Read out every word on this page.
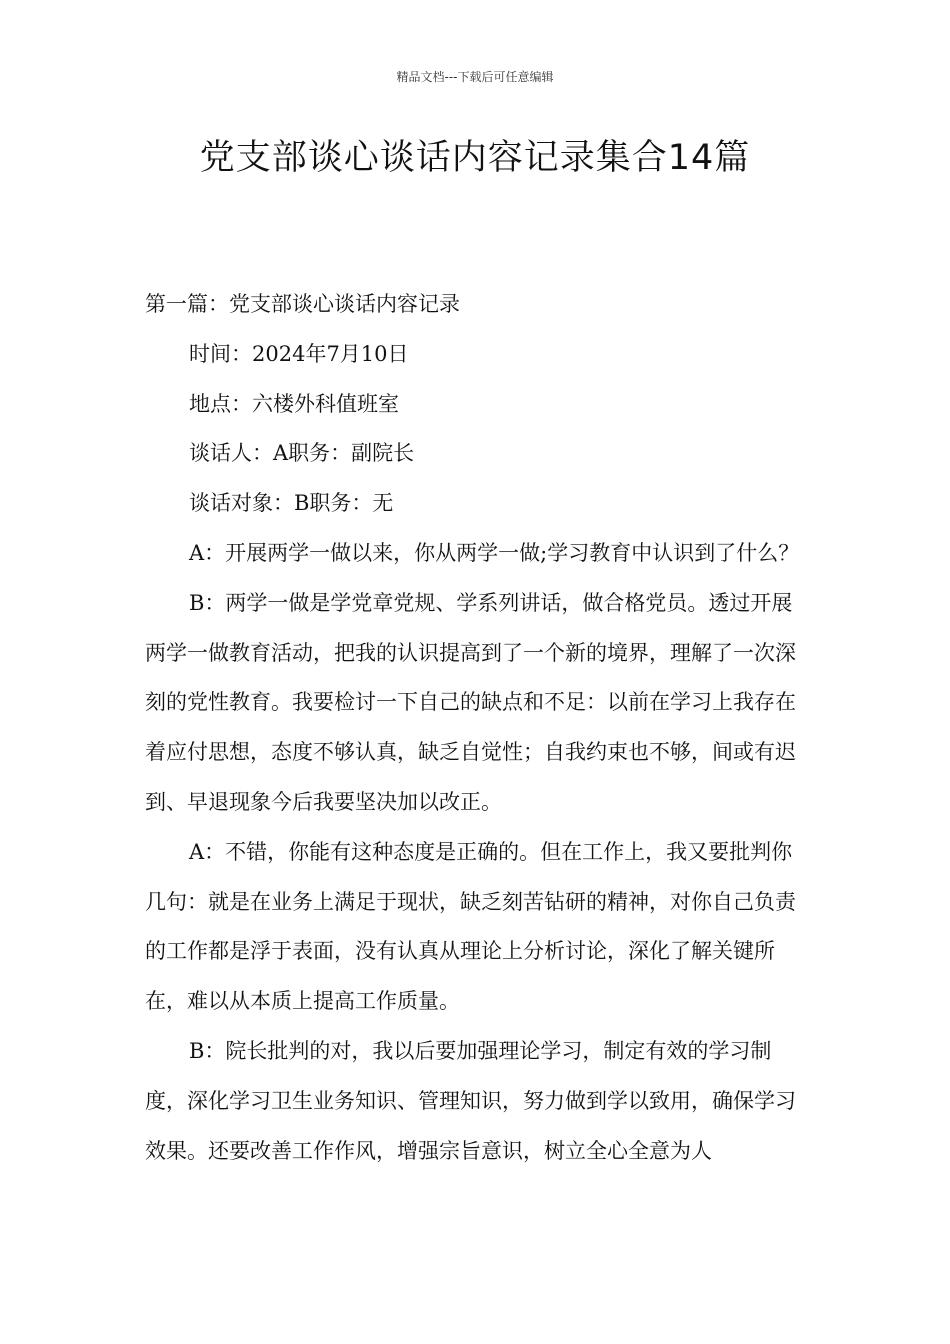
精品文档---下载后可任意编辑
党支部谈心谈话内容记录集合14篇

第一篇：党支部谈心谈话内容记录

时间：2024年7月10日

地点：六楼外科值班室

谈话人：A职务：副院长

谈话对象：B职务：无

A：开展两学一做以来，你从两学一做;学习教育中认识到了什么？

B：两学一做是学党章党规、学系列讲话，做合格党员。透过开展两学一做教育活动，把我的认识提高到了一个新的境界，理解了一次深刻的党性教育。我要检讨一下自己的缺点和不足：以前在学习上我存在着应付思想，态度不够认真，缺乏自觉性；自我约束也不够，间或有迟到、早退现象今后我要坚决加以改正。

A：不错，你能有这种态度是正确的。但在工作上，我又要批判你几句：就是在业务上满足于现状，缺乏刻苦钻研的精神，对你自己负责的工作都是浮于表面，没有认真从理论上分析讨论，深化了解关键所在，难以从本质上提高工作质量。

B：院长批判的对，我以后要加强理论学习，制定有效的学习制度，深化学习卫生业务知识、管理知识，努力做到学以致用，确保学习效果。还要改善工作作风，增强宗旨意识，树立全心全意为人
